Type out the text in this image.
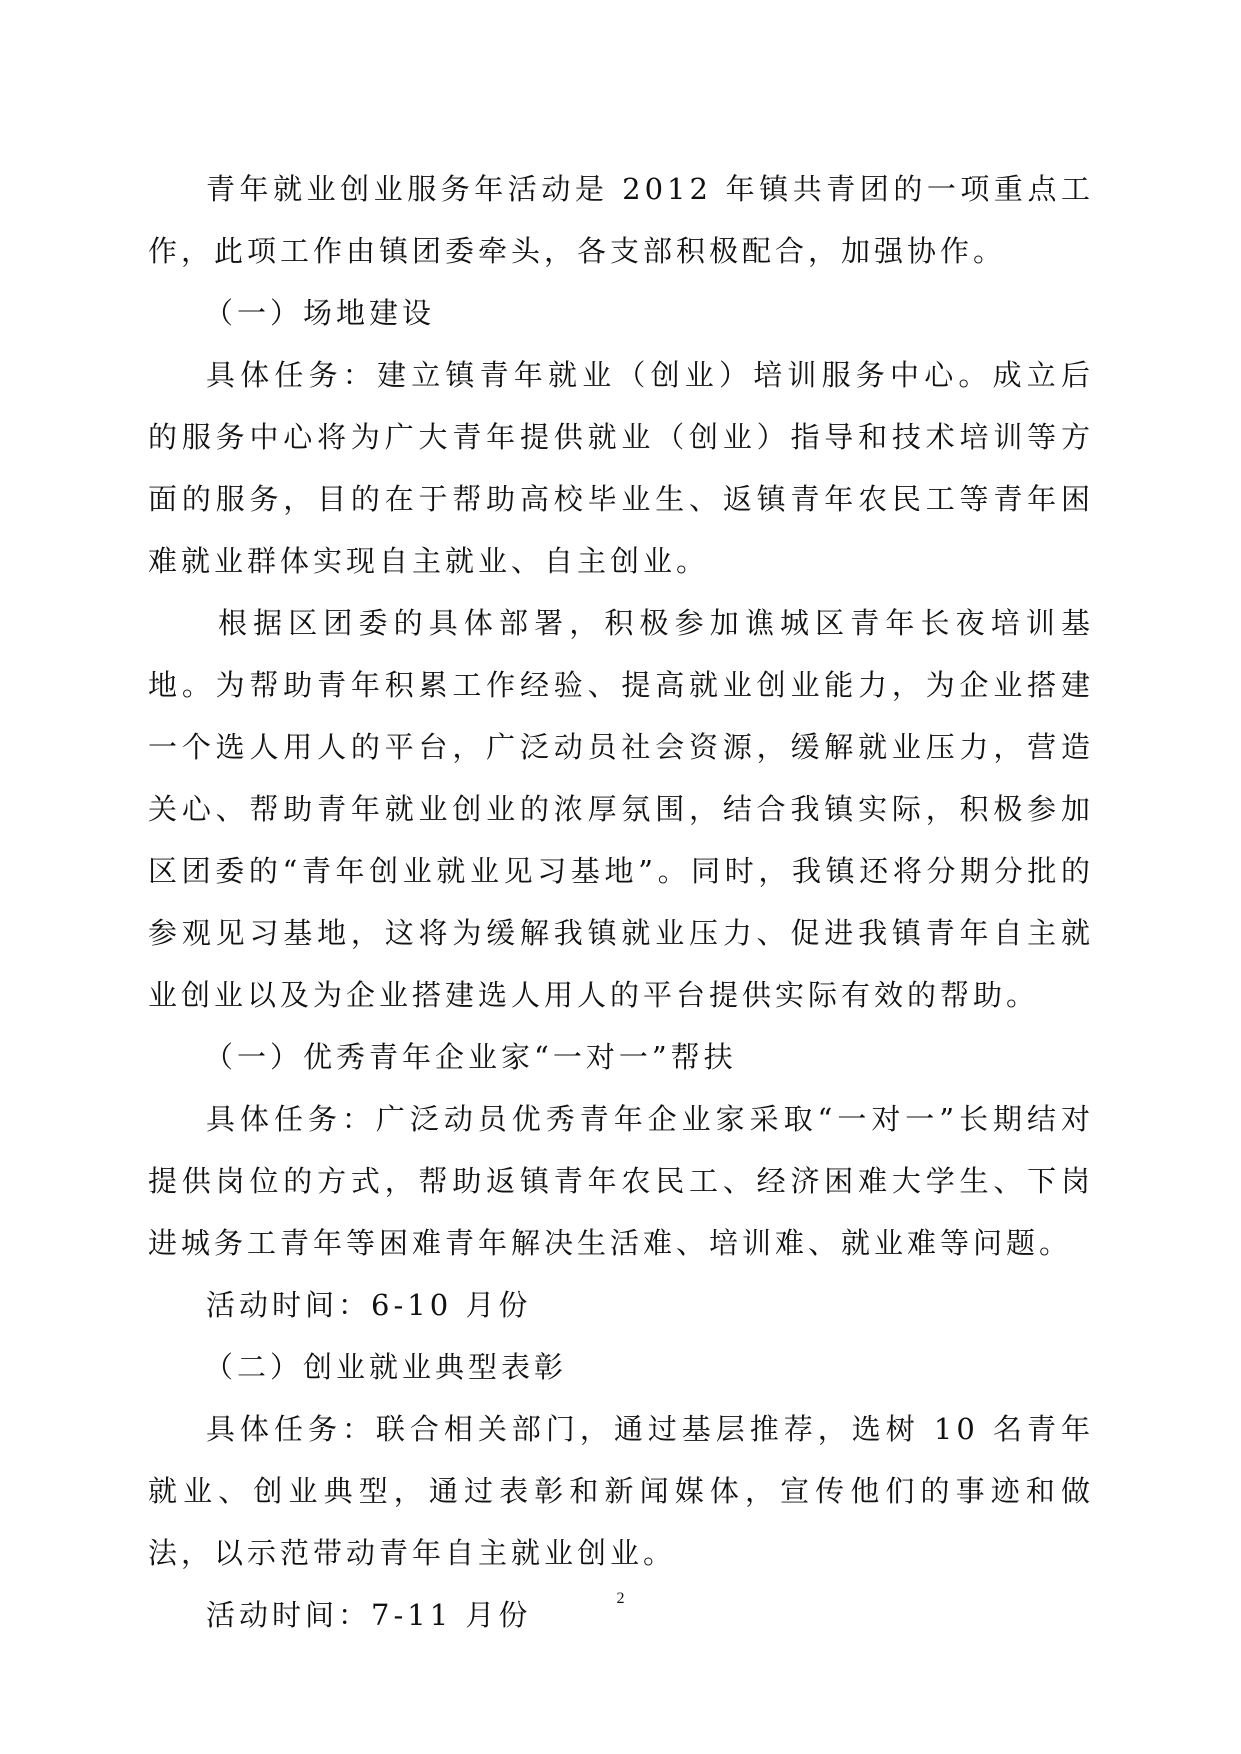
青年就业创业服务年活动是 2012 年镇共青团的一项重点工作，此项工作由镇团委牵头，各支部积极配合，加强协作。

（一）场地建设

具体任务：建立镇青年就业（创业）培训服务中心。成立后的服务中心将为广大青年提供就业（创业）指导和技术培训等方面的服务，目的在于帮助高校毕业生、返镇青年农民工等青年困难就业群体实现自主就业、自主创业。

根据区团委的具体部署，积极参加谯城区青年长夜培训基地。为帮助青年积累工作经验、提高就业创业能力，为企业搭建一个选人用人的平台，广泛动员社会资源，缓解就业压力，营造关心、帮助青年就业创业的浓厚氛围，结合我镇实际，积极参加区团委的“青年创业就业见习基地”。同时，我镇还将分期分批的参观见习基地，这将为缓解我镇就业压力、促进我镇青年自主就业创业以及为企业搭建选人用人的平台提供实际有效的帮助。

（一）优秀青年企业家“一对一”帮扶

具体任务：广泛动员优秀青年企业家采取“一对一”长期结对提供岗位的方式，帮助返镇青年农民工、经济困难大学生、下岗进城务工青年等困难青年解决生活难、培训难、就业难等问题。

活动时间：6-10 月份

（二）创业就业典型表彰

具体任务：联合相关部门，通过基层推荐，选树 10 名青年就业、创业典型，通过表彰和新闻媒体，宣传他们的事迹和做法，以示范带动青年自主就业创业。

活动时间：7-11 月份	2
